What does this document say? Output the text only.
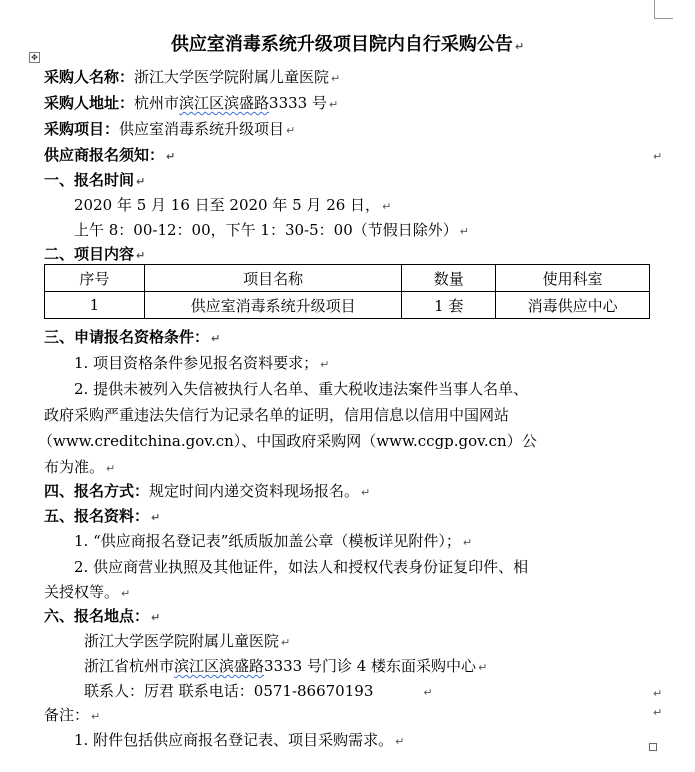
✥
↵
↵
↵
供应室消毒系统升级项目院内自行采购公告 ↵
采购人名称：浙江大学医学院附属儿童医院 ↵
采购人地址：杭州市滨江区滨盛路3333 号 ↵
采购项目：供应室消毒系统升级项目 ↵
供应商报名须知： ↵
一、报名时间 ↵
2020 年 5 月 16 日至 2020 年 5 月 26 日， ↵
上午 8：00-12：00，下午 1：30-5：00（节假日除外） ↵
二、项目内容 ↵
序号	项目名称	数量	使用科室
1	供应室消毒系统升级项目	1 套	消毒供应中心
三、申请报名资格条件： ↵
1. 项目资格条件参见报名资料要求； ↵
2. 提供未被列入失信被执行人名单、重大税收违法案件当事人名单、
政府采购严重违法失信行为记录名单的证明，信用信息以信用中国网站
（www.creditchina.gov.cn）、中国政府采购网（www.ccgp.gov.cn）公
布为准。 ↵
四、报名方式：规定时间内递交资料现场报名。 ↵
五、报名资料： ↵
1. “供应商报名登记表”纸质版加盖公章（模板详见附件）； ↵
2. 供应商营业执照及其他证件，如法人和授权代表身份证复印件、相
关授权等。 ↵
六、报名地点： ↵
浙江大学医学院附属儿童医院 ↵
浙江省杭州市滨江区滨盛路3333 号门诊 4 楼东面采购中心 ↵
联系人：厉君 联系电话：0571-86670193	↵
备注： ↵
1. 附件包括供应商报名登记表、项目采购需求。 ↵
